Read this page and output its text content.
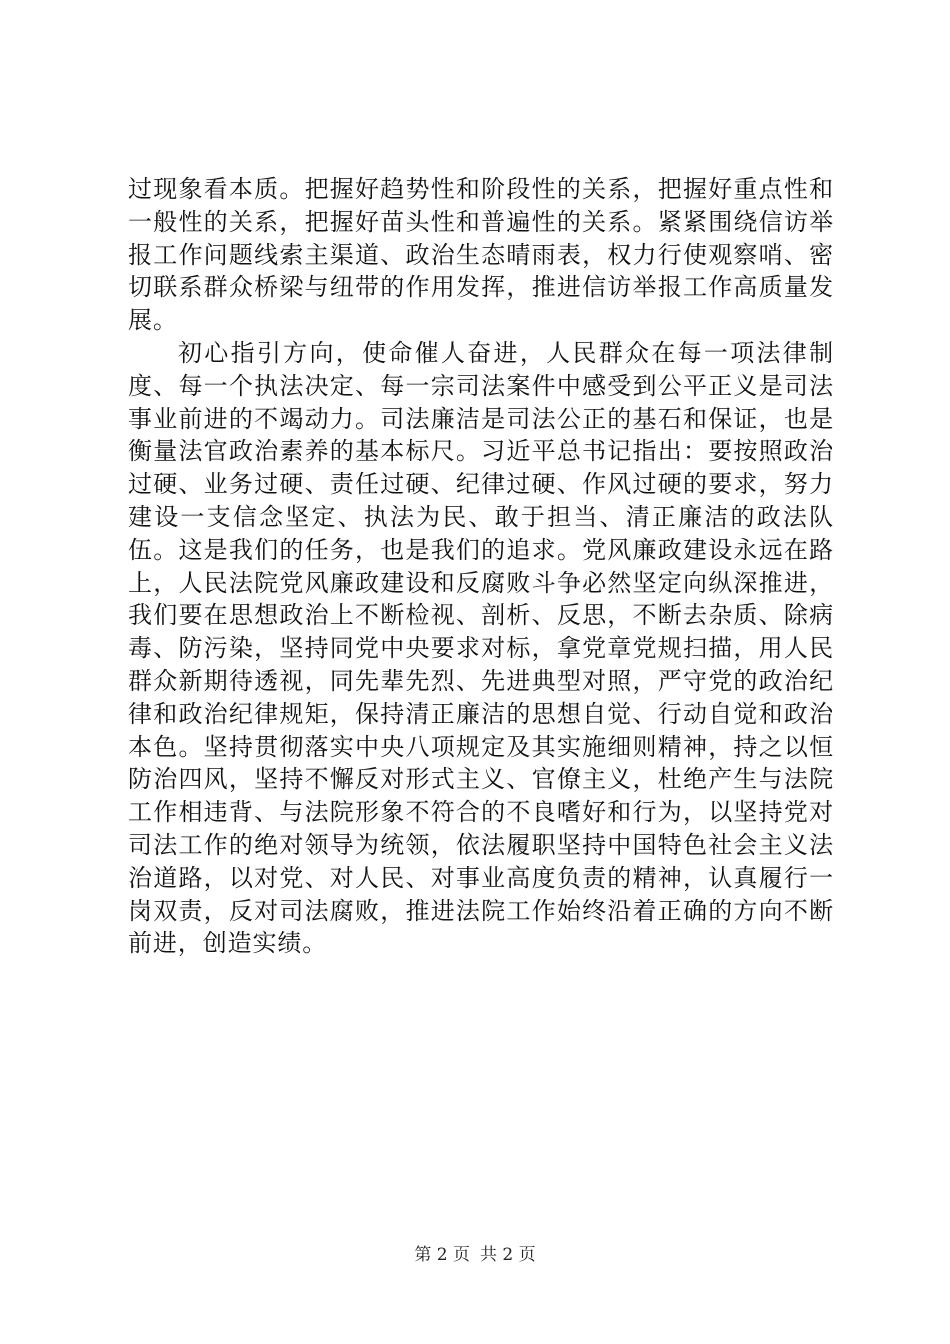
过现象看本质。把握好趋势性和阶段性的关系，把握好重点性和一般性的关系，把握好苗头性和普遍性的关系。紧紧围绕信访举报工作问题线索主渠道、政治生态晴雨表，权力行使观察哨、密切联系群众桥梁与纽带的作用发挥，推进信访举报工作高质量发展。

初心指引方向，使命催人奋进，人民群众在每一项法律制度、每一个执法决定、每一宗司法案件中感受到公平正义是司法事业前进的不竭动力。司法廉洁是司法公正的基石和保证，也是衡量法官政治素养的基本标尺。习近平总书记指出：要按照政治过硬、业务过硬、责任过硬、纪律过硬、作风过硬的要求，努力建设一支信念坚定、执法为民、敢于担当、清正廉洁的政法队伍。这是我们的任务，也是我们的追求。党风廉政建设永远在路上，人民法院党风廉政建设和反腐败斗争必然坚定向纵深推进，我们要在思想政治上不断检视、剖析、反思，不断去杂质、除病毒、防污染，坚持同党中央要求对标，拿党章党规扫描，用人民群众新期待透视，同先辈先烈、先进典型对照，严守党的政治纪律和政治纪律规矩，保持清正廉洁的思想自觉、行动自觉和政治本色。坚持贯彻落实中央八项规定及其实施细则精神，持之以恒防治四风，坚持不懈反对形式主义、官僚主义，杜绝产生与法院工作相违背、与法院形象不符合的不良嗜好和行为，以坚持党对司法工作的绝对领导为统领，依法履职坚持中国特色社会主义法治道路，以对党、对人民、对事业高度负责的精神，认真履行一岗双责，反对司法腐败，推进法院工作始终沿着正确的方向不断前进，创造实绩。

第 2 页 共 2 页
